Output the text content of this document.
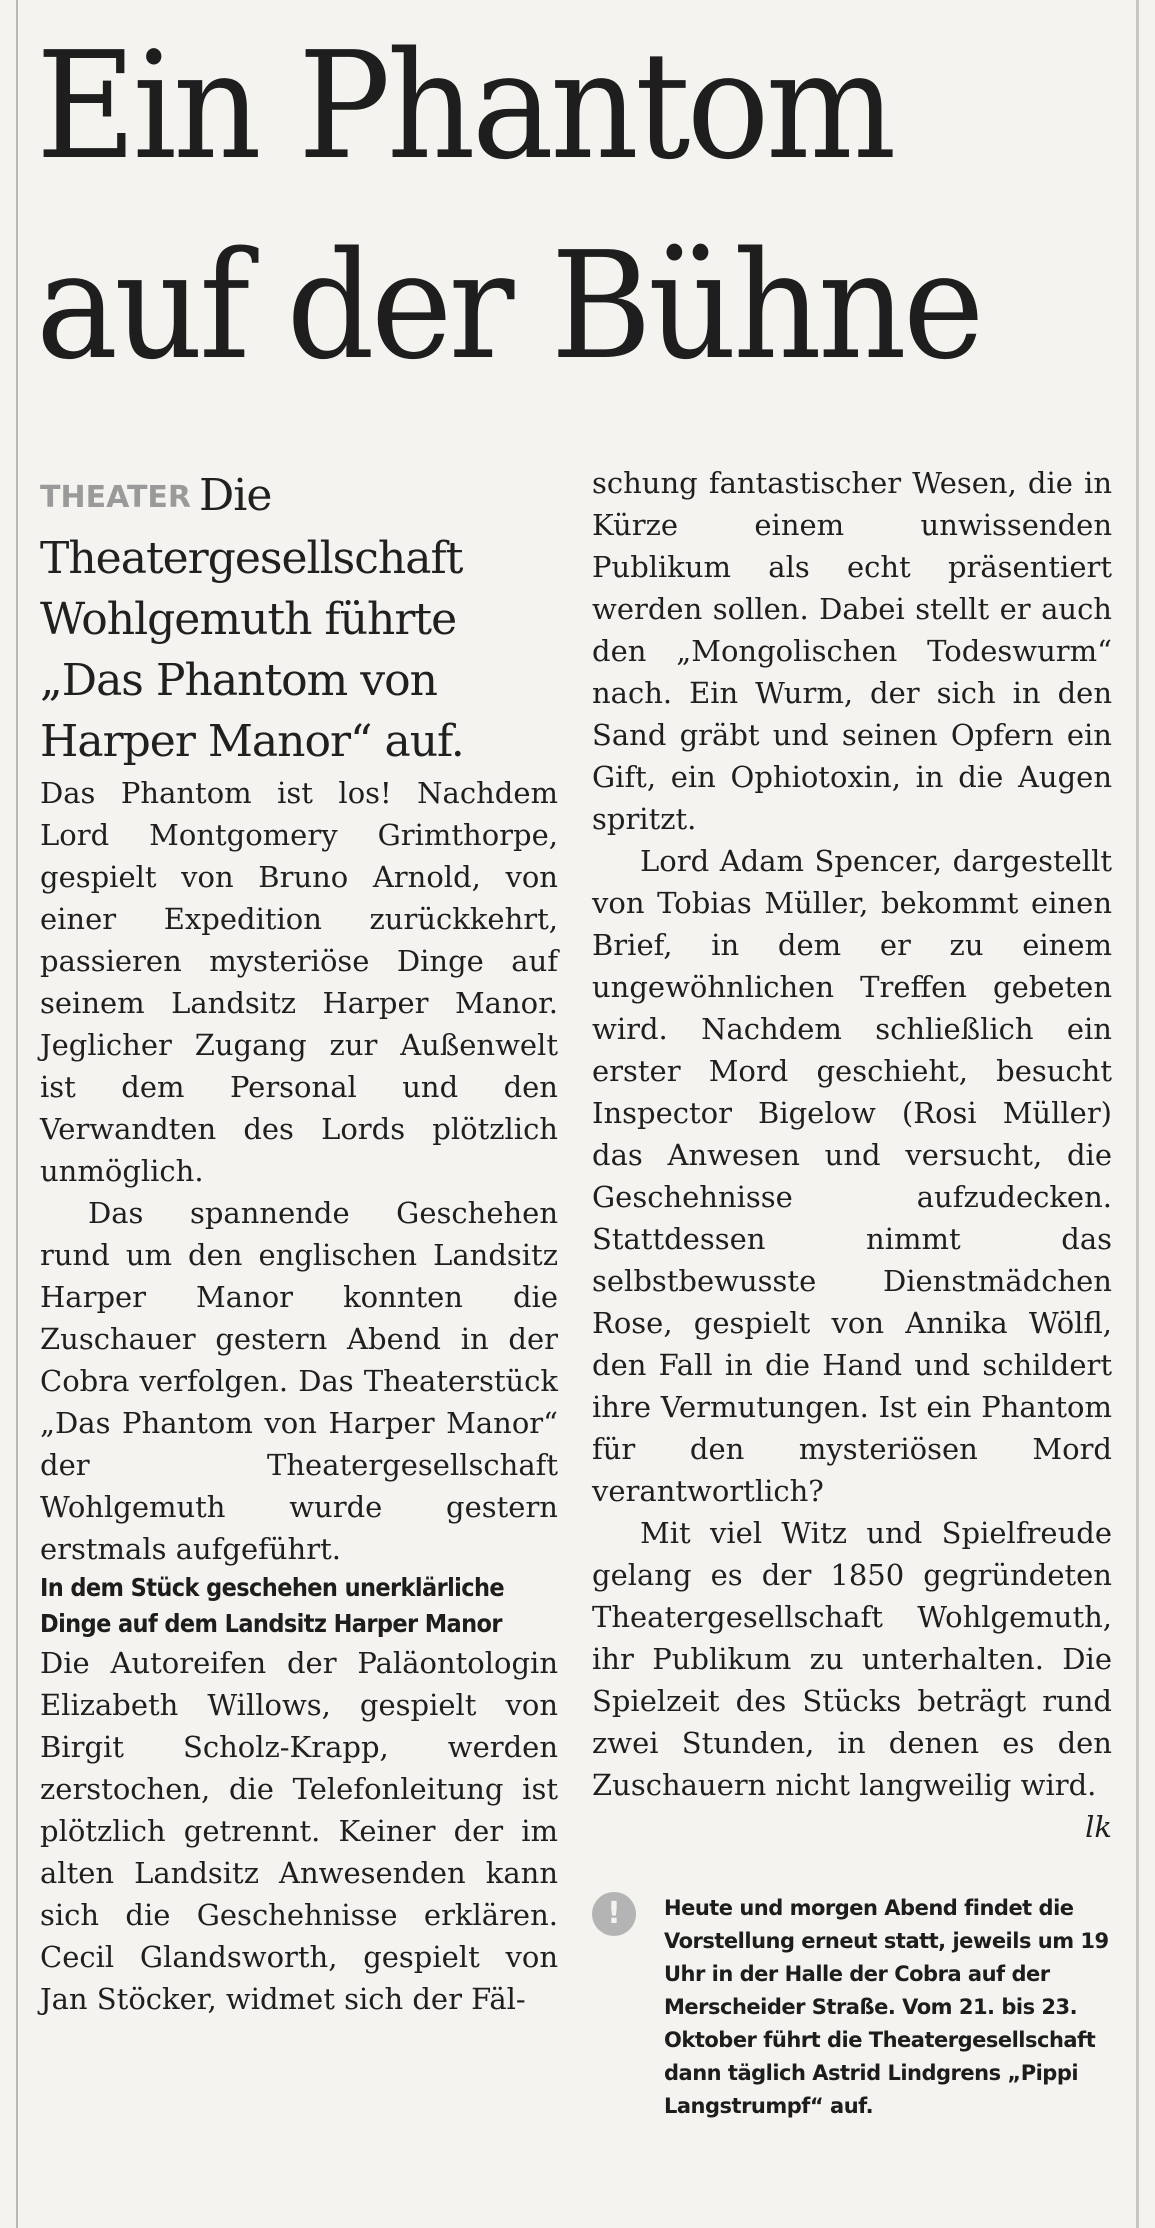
Ein Phantom auf der Bühne

THEATER Die Theatergesellschaft Wohlgemuth führte „Das Phantom von Harper Manor“ auf.

Das Phantom ist los! Nachdem Lord Montgomery Grimthorpe, gespielt von Bruno Arnold, von einer Expedition zurückkehrt, passieren mysteriöse Dinge auf seinem Landsitz Harper Manor. Jeglicher Zugang zur Außenwelt ist dem Personal und den Verwandten des Lords plötzlich unmöglich.

Das spannende Geschehen rund um den englischen Landsitz Harper Manor konnten die Zuschauer gestern Abend in der Cobra verfolgen. Das Theaterstück „Das Phantom von Harper Manor“ der Theatergesellschaft Wohlgemuth wurde gestern erstmals aufgeführt.

In dem Stück geschehen unerklärliche Dinge auf dem Landsitz Harper Manor

Die Autoreifen der Paläontologin Elizabeth Willows, gespielt von Birgit Scholz-Krapp, werden zerstochen, die Telefonleitung ist plötzlich getrennt. Keiner der im alten Landsitz Anwesenden kann sich die Geschehnisse erklären. Cecil Glandsworth, gespielt von Jan Stöcker, widmet sich der Fäl-

schung fantastischer Wesen, die in Kürze einem unwissenden Publikum als echt präsentiert werden sollen. Dabei stellt er auch den „Mongolischen Todeswurm“ nach. Ein Wurm, der sich in den Sand gräbt und seinen Opfern ein Gift, ein Ophiotoxin, in die Augen spritzt.

Lord Adam Spencer, dargestellt von Tobias Müller, bekommt einen Brief, in dem er zu einem ungewöhnlichen Treffen gebeten wird. Nachdem schließlich ein erster Mord geschieht, besucht Inspector Bigelow (Rosi Müller) das Anwesen und versucht, die Geschehnisse aufzudecken. Stattdessen nimmt das selbstbewusste Dienstmädchen Rose, gespielt von Annika Wölfl, den Fall in die Hand und schildert ihre Vermutungen. Ist ein Phantom für den mysteriösen Mord verantwortlich?

Mit viel Witz und Spielfreude gelang es der 1850 gegründeten Theatergesellschaft Wohlgemuth, ihr Publikum zu unterhalten. Die Spielzeit des Stücks beträgt rund zwei Stunden, in denen es den Zuschauern nicht langweilig wird.

lk

!	Heute und morgen Abend findet die Vorstellung erneut statt, jeweils um 19 Uhr in der Halle der Cobra auf der Merscheider Straße. Vom 21. bis 23. Oktober führt die Theatergesellschaft dann täglich Astrid Lindgrens „Pippi Langstrumpf“ auf.
